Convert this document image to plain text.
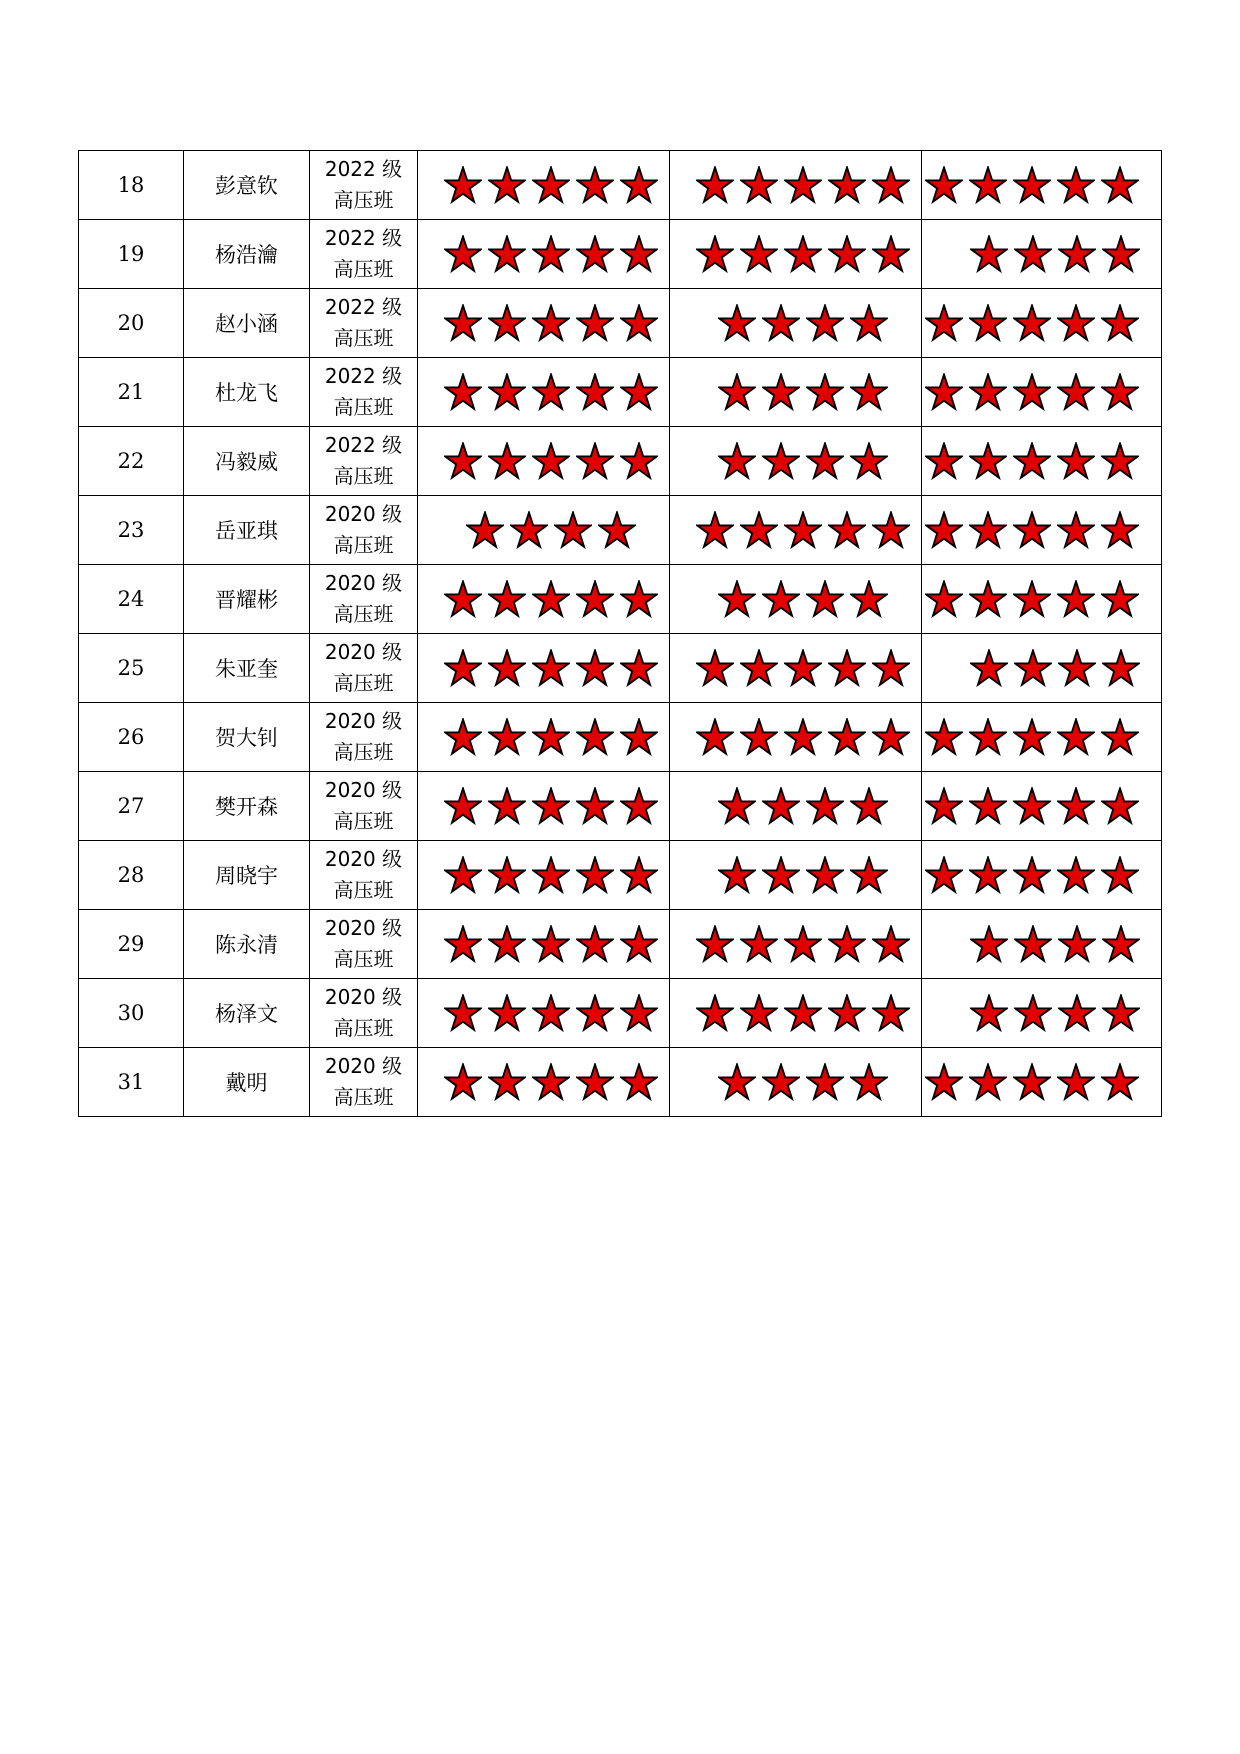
18	彭意钦	2022 级
高压班

19	杨浩瀹	2022 级
高压班

20	赵小涵	2022 级
高压班

21	杜龙飞	2022 级
高压班

22	冯毅威	2022 级
高压班

23	岳亚琪	2020 级
高压班

24	晋耀彬	2020 级
高压班

25	朱亚奎	2020 级
高压班

26	贺大钊	2020 级
高压班

27	樊开森	2020 级
高压班

28	周晓宇	2020 级
高压班

29	陈永清	2020 级
高压班

30	杨泽文	2020 级
高压班

31	戴明	2020 级
高压班
